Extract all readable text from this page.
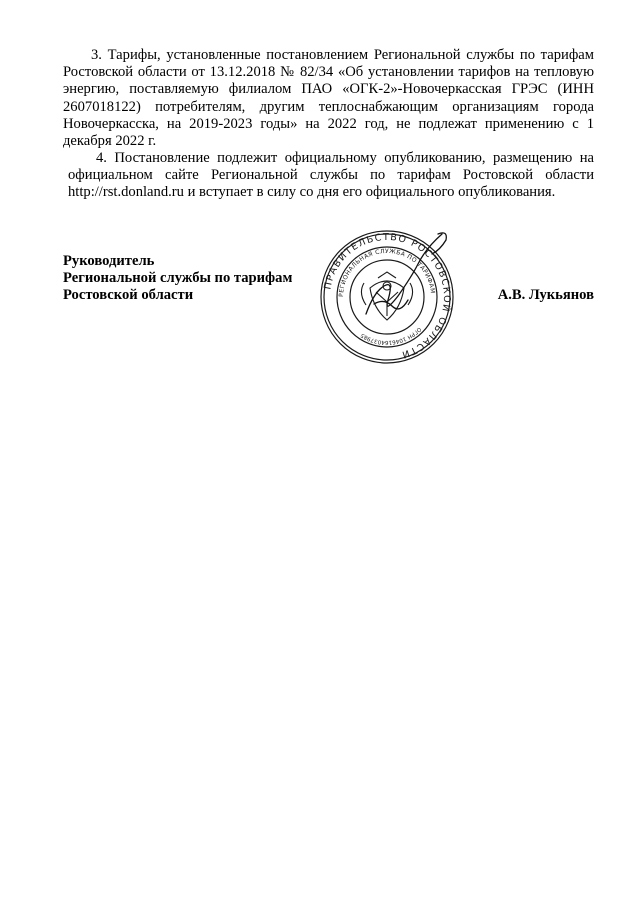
3. Тарифы, установленные постановлением Региональной службы по тарифам Ростовской области от 13.12.2018 № 82/34 «Об установлении тарифов на тепловую энергию, поставляемую филиалом ПАО «ОГК-2»-Новочеркасская ГРЭС (ИНН 2607018122) потребителям, другим теплоснабжающим организациям города Новочеркасска, на 2019-2023 годы» на 2022 год, не подлежат применению с 1 декабря 2022 г.

4. Постановление подлежит официальному опубликованию, размещению на официальном сайте Региональной службы по тарифам Ростовской области http://rst.donland.ru и вступает в силу со дня его официального опубликования.

Руководитель
Региональной службы по тарифам
Ростовской области	А.В. Лукьянов
ПРАВИТЕЛЬСТВО РОСТОВСКОЙ ОБЛАСТИ
РЕГИОНАЛЬНАЯ СЛУЖБА ПО ТАРИФАМ
ОГРН 1046164037985
